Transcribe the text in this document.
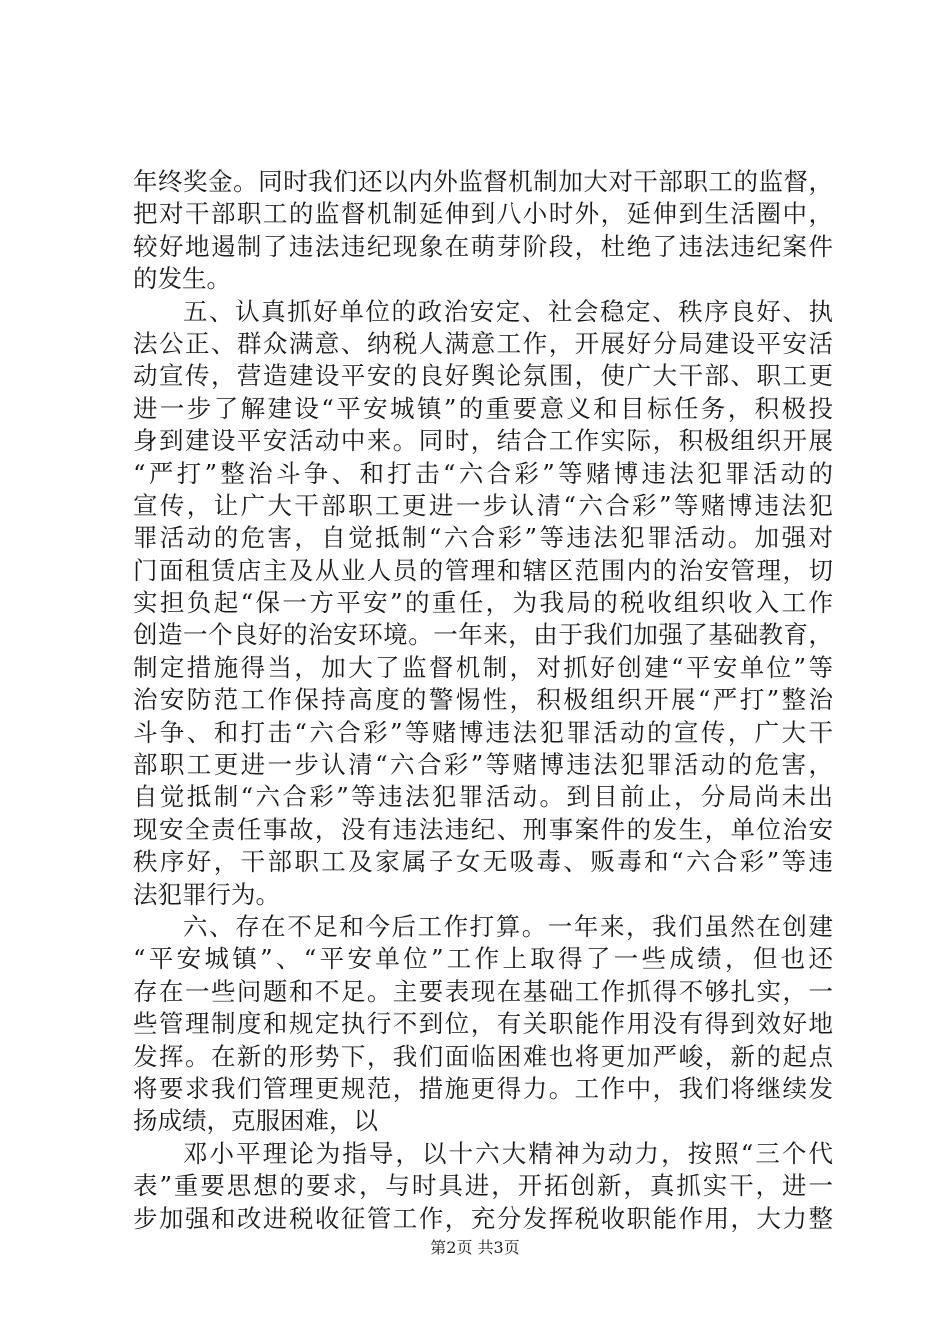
年终奖金。同时我们还以内外监督机制加大对干部职工的监督，
把对干部职工的监督机制延伸到八小时外，延伸到生活圈中，
较好地遏制了违法违纪现象在萌芽阶段，杜绝了违法违纪案件
的发生。
五、认真抓好单位的政治安定、社会稳定、秩序良好、执
法公正、群众满意、纳税人满意工作，开展好分局建设平安活
动宣传，营造建设平安的良好舆论氛围，使广大干部、职工更
进一步了解建设“平安城镇”的重要意义和目标任务，积极投
身到建设平安活动中来。同时，结合工作实际，积极组织开展
“严打”整治斗争、和打击“六合彩”等赌博违法犯罪活动的
宣传，让广大干部职工更进一步认清“六合彩”等赌博违法犯
罪活动的危害，自觉抵制“六合彩”等违法犯罪活动。加强对
门面租赁店主及从业人员的管理和辖区范围内的治安管理，切
实担负起“保一方平安”的重任，为我局的税收组织收入工作
创造一个良好的治安环境。一年来，由于我们加强了基础教育，
制定措施得当，加大了监督机制，对抓好创建“平安单位”等
治安防范工作保持高度的警惕性，积极组织开展“严打”整治
斗争、和打击“六合彩”等赌博违法犯罪活动的宣传，广大干
部职工更进一步认清“六合彩”等赌博违法犯罪活动的危害，
自觉抵制“六合彩”等违法犯罪活动。到目前止，分局尚未出
现安全责任事故，没有违法违纪、刑事案件的发生，单位治安
秩序好，干部职工及家属子女无吸毒、贩毒和“六合彩”等违
法犯罪行为。
六、存在不足和今后工作打算。一年来，我们虽然在创建
“平安城镇”、“平安单位”工作上取得了一些成绩，但也还
存在一些问题和不足。主要表现在基础工作抓得不够扎实，一
些管理制度和规定执行不到位，有关职能作用没有得到效好地
发挥。在新的形势下，我们面临困难也将更加严峻，新的起点
将要求我们管理更规范，措施更得力。工作中，我们将继续发
扬成绩，克服困难，以
邓小平理论为指导，以十六大精神为动力，按照“三个代
表”重要思想的要求，与时具进，开拓创新，真抓实干，进一
步加强和改进税收征管工作，充分发挥税收职能作用，大力整
第2页 共3页
